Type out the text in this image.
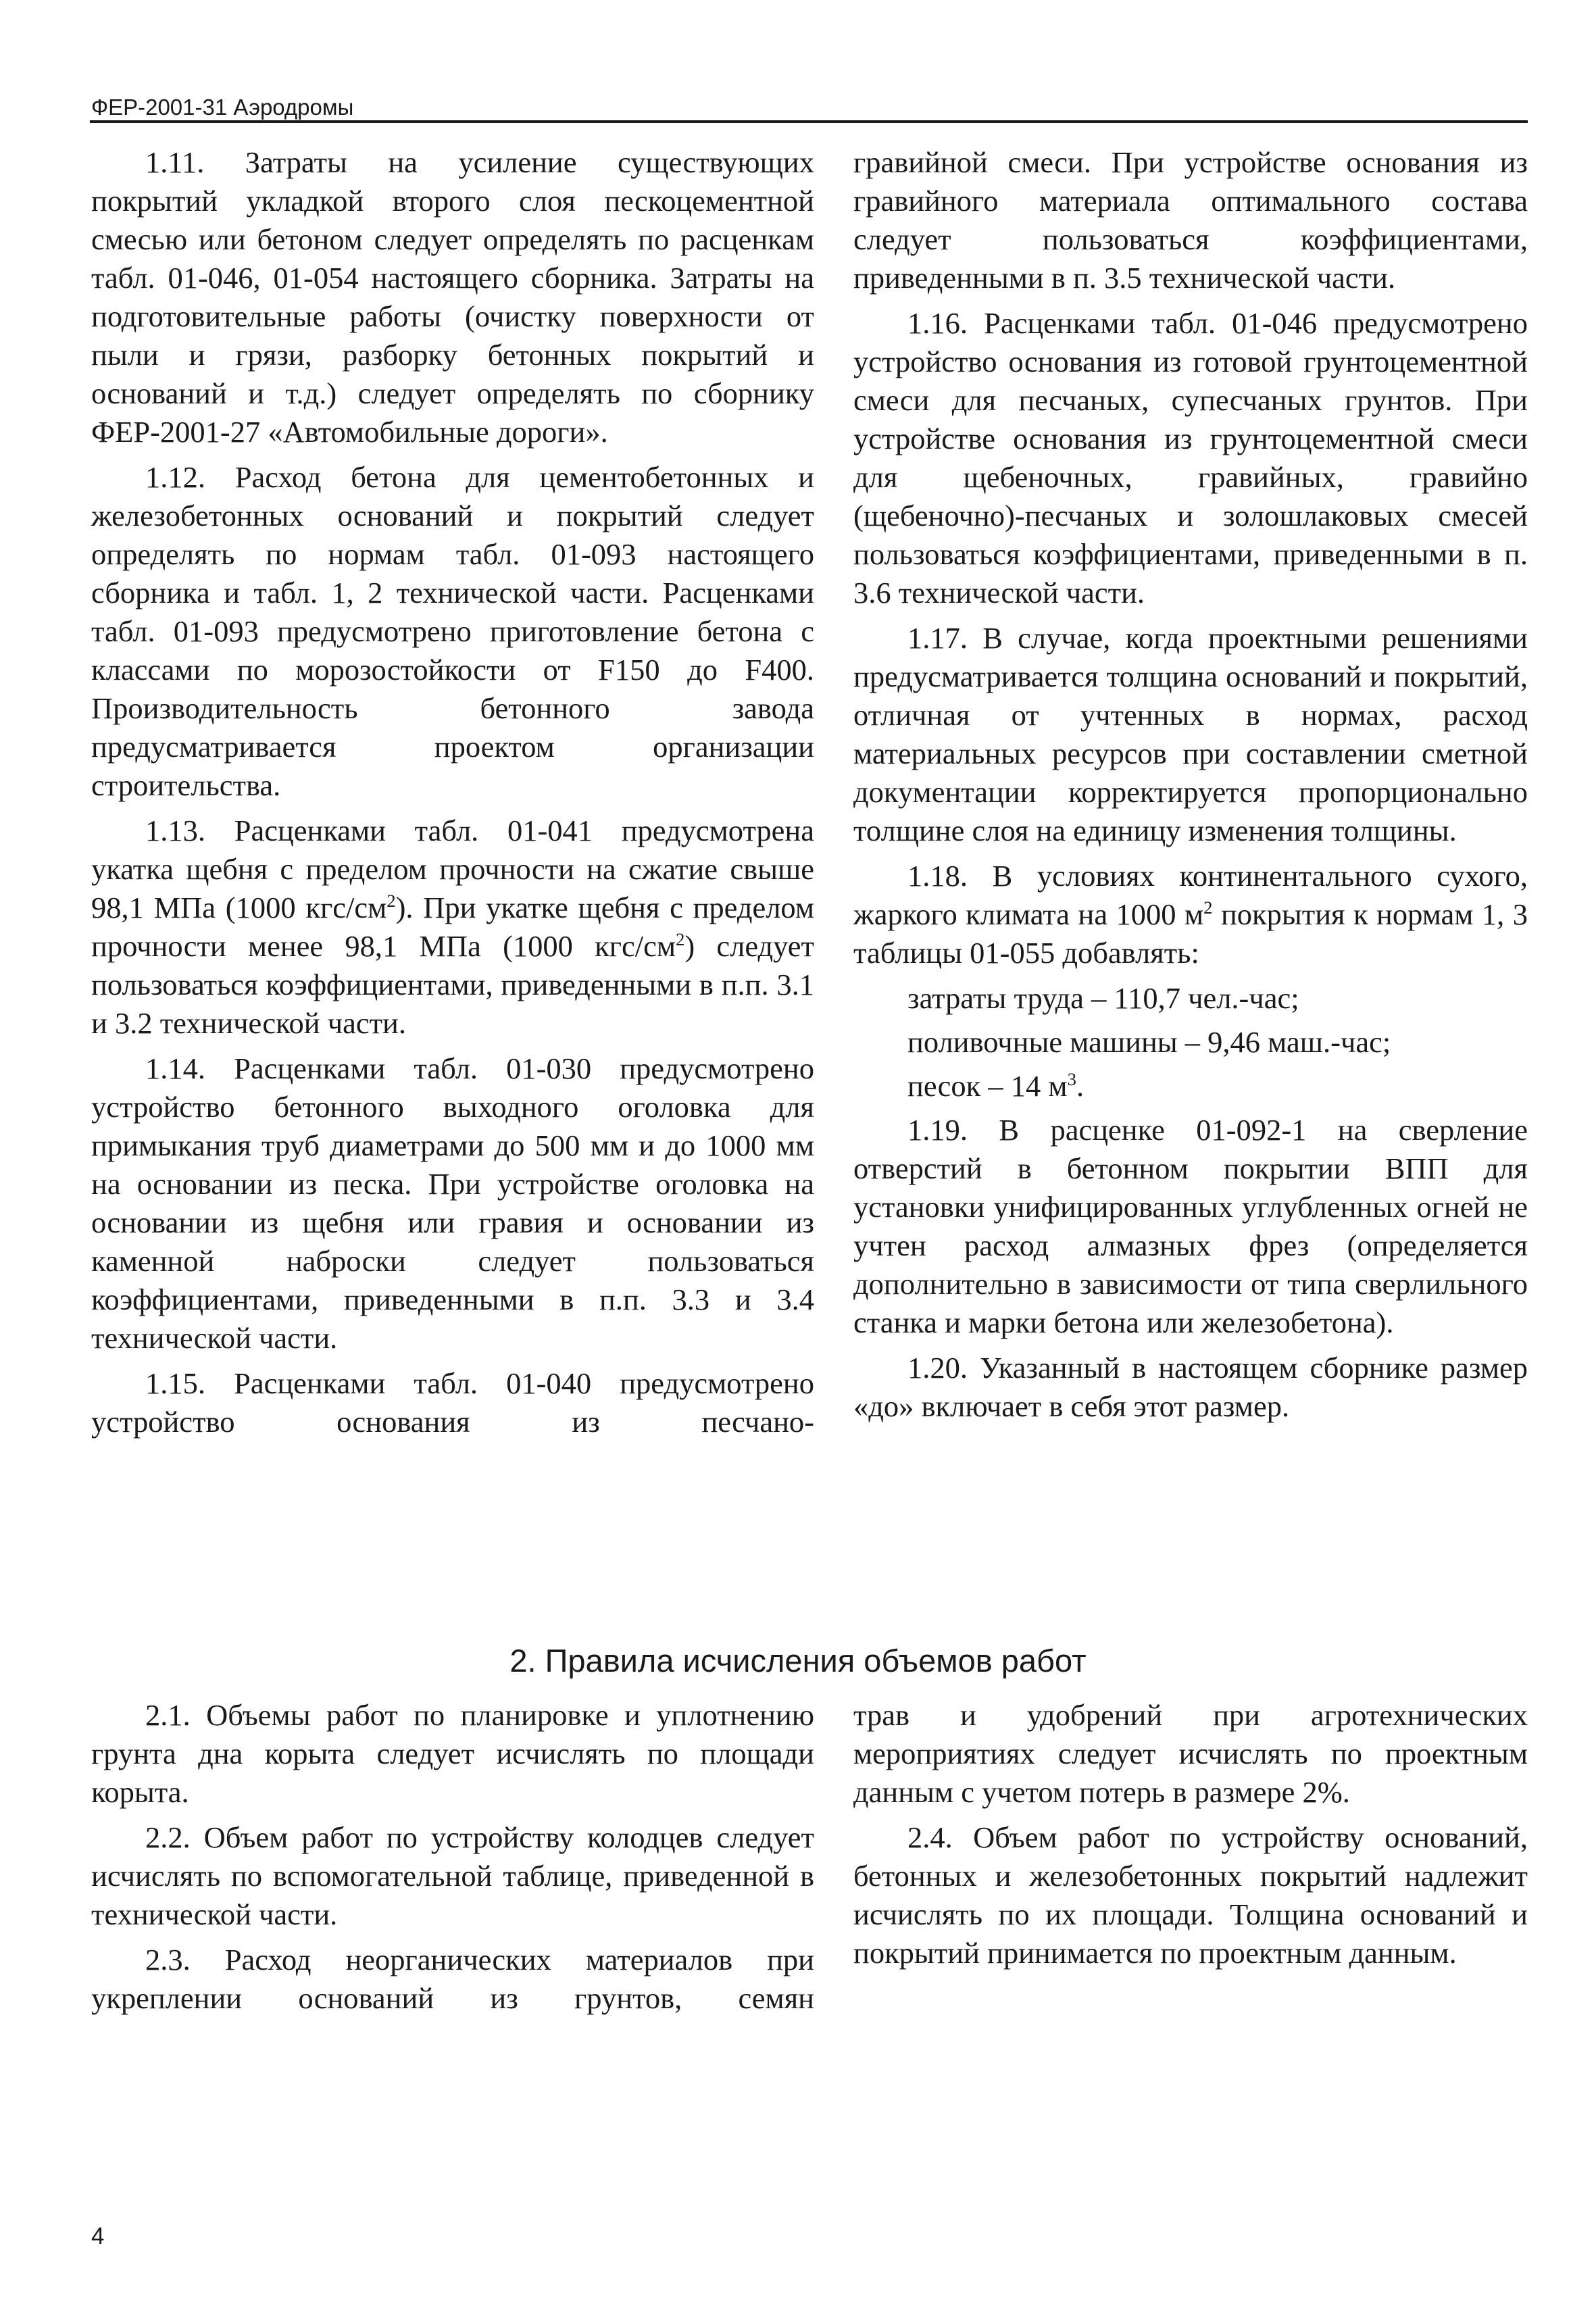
ФЕР-2001-31 Аэродромы

1.11. Затраты на усиление существующих покрытий укладкой второго слоя пескоцементной смесью или бетоном следует определять по расценкам табл. 01-046, 01-054 настоящего сборника. Затраты на подготовительные работы (очистку поверхности от пыли и грязи, разборку бетонных покрытий и оснований и т.д.) следует определять по сборнику ФЕР-2001-27 «Автомобильные дороги».

1.12. Расход бетона для цементобетонных и железобетонных оснований и покрытий следует определять по нормам табл. 01-093 настоящего сборника и табл. 1, 2 технической части. Расценками табл. 01-093 предусмотрено приготовление бетона с классами по морозостойкости от F150 до F400. Производительность бетонного завода предусматривается проектом организации строительства.

1.13. Расценками табл. 01-041 предусмотрена укатка щебня с пределом прочности на сжатие свыше 98,1 МПа (1000 кгс/$см^2$). При укатке щебня с пределом прочности менее 98,1 МПа (1000 кгс/$см^2$) следует пользоваться коэффициентами, приведенными в п.п. 3.1 и 3.2 технической части.

1.14. Расценками табл. 01-030 предусмотрено устройство бетонного выходного оголовка для примыкания труб диаметрами до 500 мм и до 1000 мм на основании из песка. При устройстве оголовка на основании из щебня или гравия и основании из каменной наброски следует пользоваться коэффициентами, приведенными в п.п. 3.3 и 3.4 технической части.

1.15. Расценками табл. 01-040 предусмотрено устройство основания из песчано-

гравийной смеси. При устройстве основания из гравийного материала оптимального состава следует пользоваться коэффициентами, приведенными в п. 3.5 технической части.

1.16. Расценками табл. 01-046 предусмотрено устройство основания из готовой грунтоцементной смеси для песчаных, супесчаных грунтов. При устройстве основания из грунтоцементной смеси для щебеночных, гравийных, гравийно (щебеночно)-песчаных и золошлаковых смесей пользоваться коэффициентами, приведенными в п. 3.6 технической части.

1.17. В случае, когда проектными решениями предусматривается толщина оснований и покрытий, отличная от учтенных в нормах, расход материальных ресурсов при составлении сметной документации корректируется пропорционально толщине слоя на единицу изменения толщины.

1.18. В условиях континентального сухого, жаркого климата на 1000 $м^2$ покрытия к нормам 1, 3 таблицы 01-055 добавлять:

затраты труда – 110,7 чел.-час;

поливочные машины – 9,46 маш.-час;

песок – 14 $м^3$.

1.19. В расценке 01-092-1 на сверление отверстий в бетонном покрытии ВПП для установки унифицированных углубленных огней не учтен расход алмазных фрез (определяется дополнительно в зависимости от типа сверлильного станка и марки бетона или железобетона).

1.20. Указанный в настоящем сборнике размер «до» включает в себя этот размер.

2. Правила исчисления объемов работ

2.1. Объемы работ по планировке и уплотнению грунта дна корыта следует исчислять по площади корыта.

2.2. Объем работ по устройству колодцев следует исчислять по вспомогательной таблице, приведенной в технической части.

2.3. Расход неорганических материалов при укреплении оснований из грунтов, семян

трав и удобрений при агротехнических мероприятиях следует исчислять по проектным данным с учетом потерь в размере 2%.

2.4. Объем работ по устройству оснований, бетонных и железобетонных покрытий надлежит исчислять по их площади. Толщина оснований и покрытий принимается по проектным данным.

4
